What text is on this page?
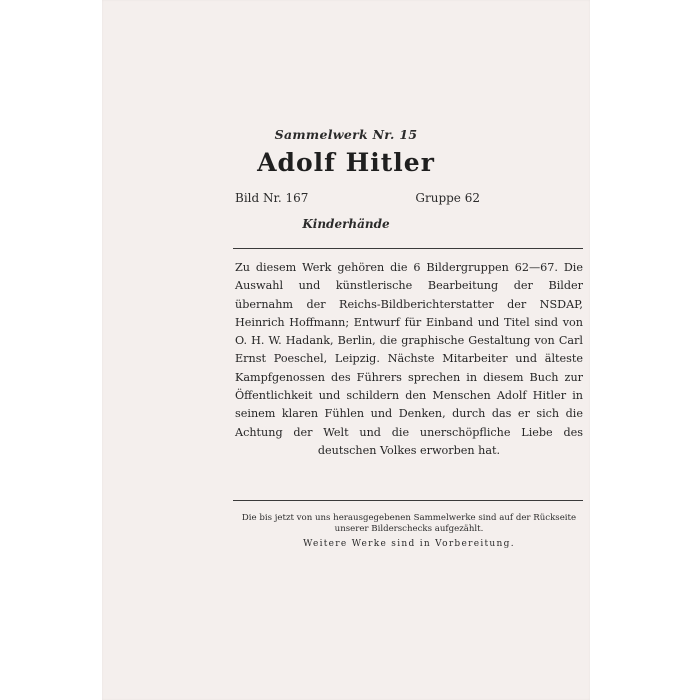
Sammelwerk Nr. 15
Adolf Hitler
Bild Nr. 167	Gruppe 62
Kinderhände
Zu diesem Werk gehören die 6 Bildergruppen 62—67. Die Auswahl und künstlerische Bearbeitung der Bilder übernahm der Reichs-Bildberichterstatter der NSDAP, Heinrich Hoffmann; Entwurf für Einband und Titel sind von O. H. W. Hadank, Berlin, die graphische Gestaltung von Carl Ernst Poeschel, Leipzig. Nächste Mitarbeiter und älteste Kampfgenossen des Führers sprechen in diesem Buch zur Öffentlichkeit und schildern den Menschen Adolf Hitler in seinem klaren Fühlen und Denken, durch das er sich die Achtung der Welt und die unerschöpfliche Liebe des deutschen Volkes erworben hat.
Die bis jetzt von uns herausgegebenen Sammelwerke sind auf der Rückseite unserer Bilderschecks aufgezählt.
Weitere Werke sind in Vorbereitung.
